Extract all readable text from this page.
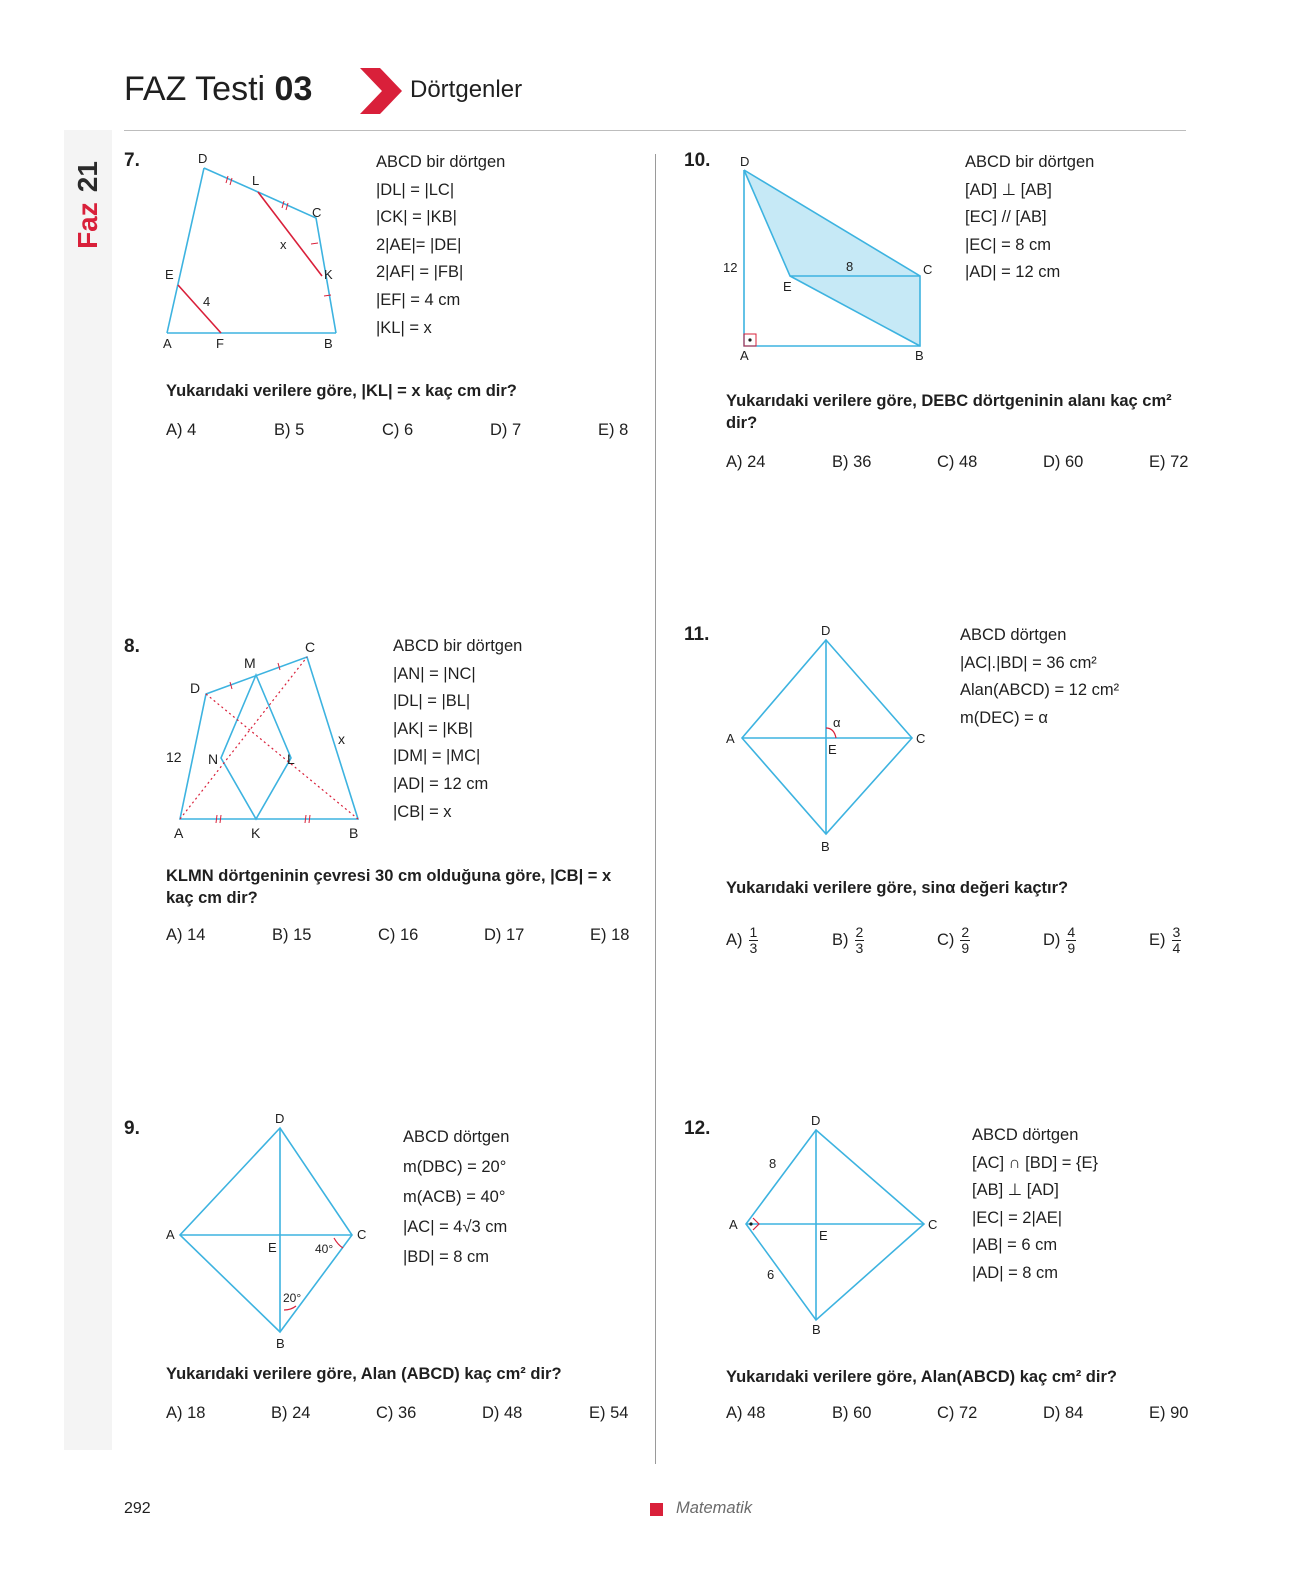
Faz21
FAZ Testi 03	Dörtgenler
7.	D
L
C
x
E	K
4
A	F	B
ABCD bir dörtgen
|DL| = |LC|
|CK| = |KB|
2|AE|= |DE|
2|AF| = |FB|
|EF| = 4 cm
|KL| = x
Yukarıdaki verilere göre, |KL| = x kaç cm dir?
A) 4	B) 5	C) 6	D) 7	E) 8
8.	C
M
D
x
12 N	L
A	K	B
ABCD bir dörtgen
|AN| = |NC|
|DL| = |BL|
|AK| = |KB|
|DM| = |MC|
|AD| = 12 cm
|CB| = x
KLMN dörtgeninin çevresi 30 cm olduğuna göre, |CB| = x kaç cm dir?
A) 14	B) 15	C) 16	D) 17	E) 18
9.	D
A
E
C
40°
20°
B
ABCD dörtgen
m(DBC) = 20°
m(ACB) = 40°
|AC| = 4√3 cm
|BD| = 8 cm
Yukarıdaki verilere göre, Alan (ABCD) kaç cm² dir?
A) 18	B) 24	C) 36	D) 48	E) 54
10. D
12
E
8	C
A	B
ABCD bir dörtgen
[AD] ⊥ [AB]
[EC] // [AB]
|EC| = 8 cm
|AD| = 12 cm
Yukarıdaki verilere göre, DEBC dörtgeninin alanı kaç cm² dir?
A) 24	B) 36	C) 48	D) 60	E) 72
11.	D
A
α
E
C
B
ABCD dörtgen
|AC|.|BD| = 36 cm²
Alan(ABCD) = 12 cm²
m(DEC) = α
Yukarıdaki verilere göre, sinα değeri kaçtır?
$A) \frac{1}{3}$	$B) \frac{2}{3}$	$C) \frac{2}{9}$	$D) \frac{4}{9}$	$E) \frac{3}{4}$
12.	D
8
A
E
C
6
B
ABCD dörtgen
[AC] ∩ [BD] = {E}
[AB] ⊥ [AD]
|EC| = 2|AE|
|AB| = 6 cm
|AD| = 8 cm
Yukarıdaki verilere göre, Alan(ABCD) kaç cm² dir?
A) 48	B) 60	C) 72	D) 84	E) 90
292	Matematik
